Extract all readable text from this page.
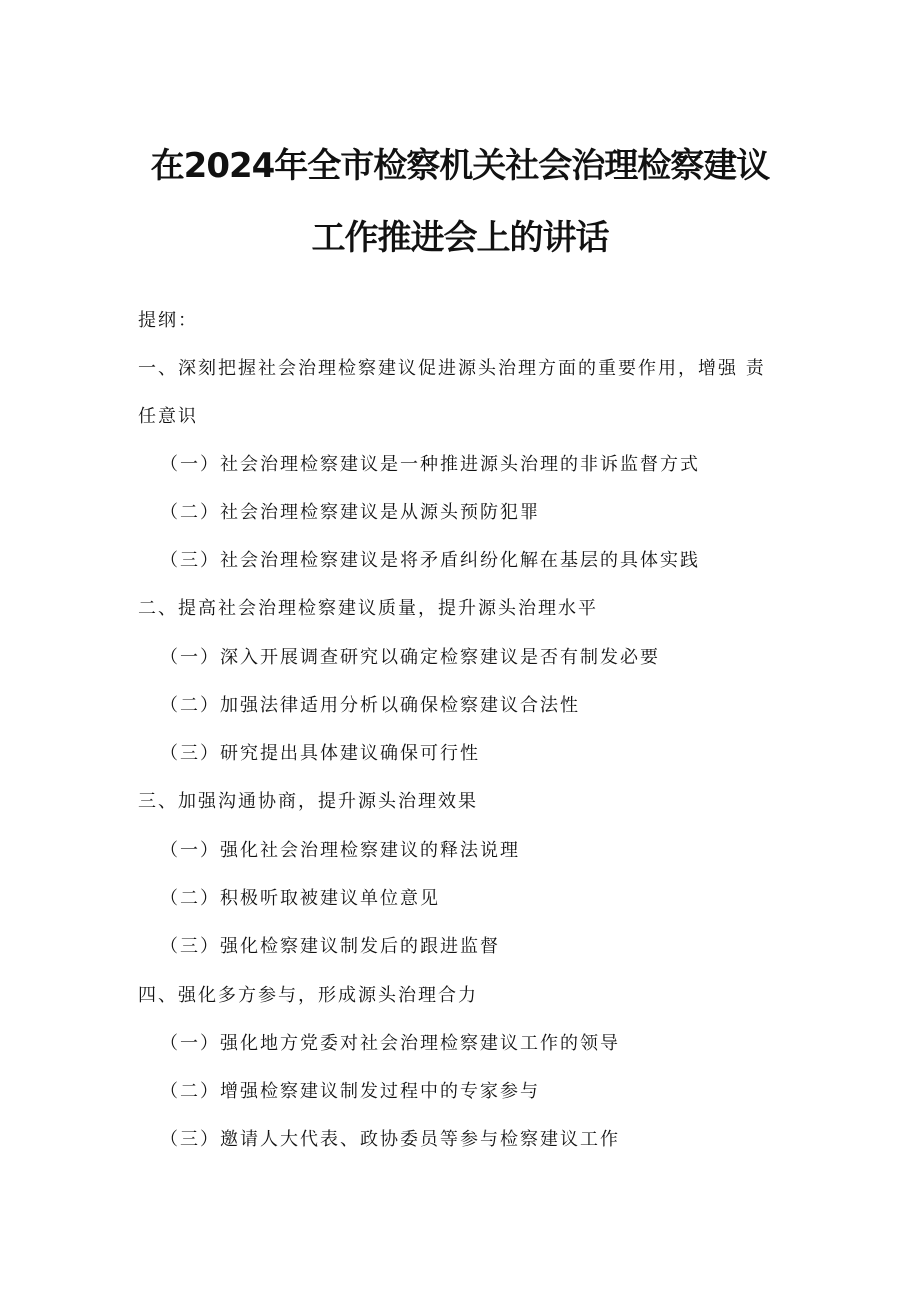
在2024年全市检察机关社会治理检察建议
工作推进会上的讲话
提纲：
一、深刻把握社会治理检察建议促进源头治理方面的重要作用，增强 责
任意识
（一）社会治理检察建议是一种推进源头治理的非诉监督方式
（二）社会治理检察建议是从源头预防犯罪
（三）社会治理检察建议是将矛盾纠纷化解在基层的具体实践
二、提高社会治理检察建议质量，提升源头治理水平
（一）深入开展调查研究以确定检察建议是否有制发必要
（二）加强法律适用分析以确保检察建议合法性
（三）研究提出具体建议确保可行性
三、加强沟通协商，提升源头治理效果
（一）强化社会治理检察建议的释法说理
（二）积极听取被建议单位意见
（三）强化检察建议制发后的跟进监督
四、强化多方参与，形成源头治理合力
（一）强化地方党委对社会治理检察建议工作的领导
（二）增强检察建议制发过程中的专家参与
（三）邀请人大代表、政协委员等参与检察建议工作
